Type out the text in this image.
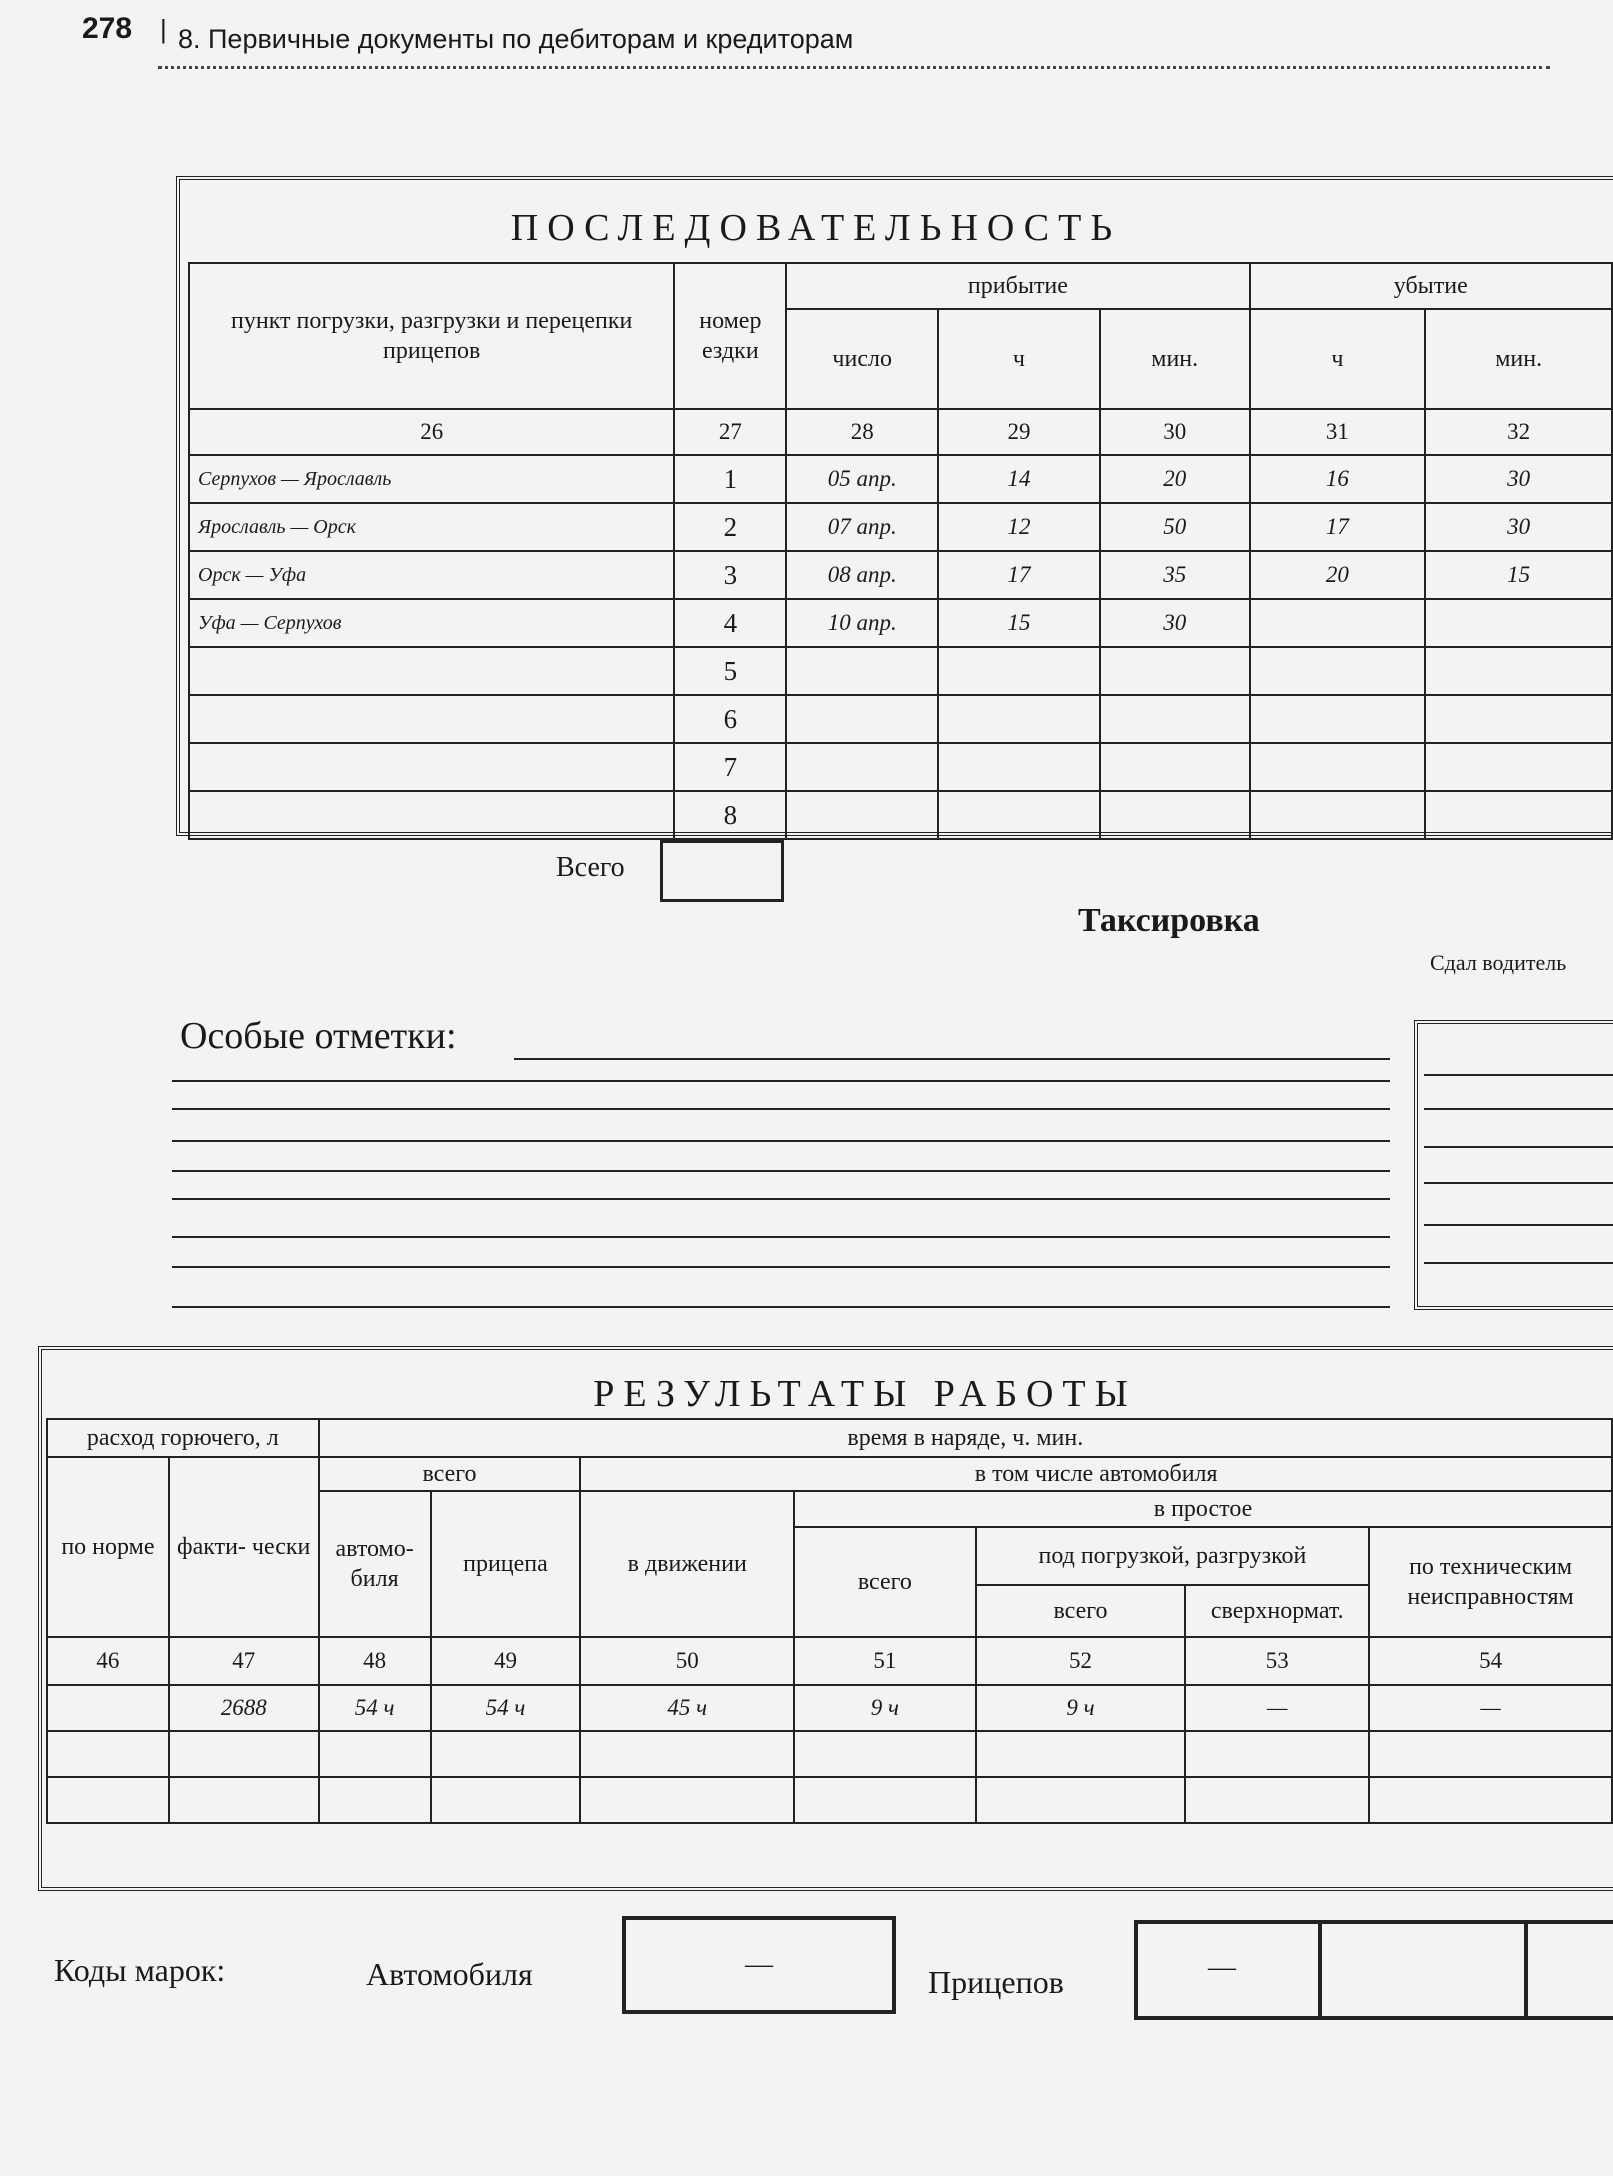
278 | 8. Первичные документы по дебиторам и кредиторам
ПОСЛЕДОВАТЕЛЬНОСТЬ
пункт погрузки, разгрузки и перецепки прицепов	номер ездки	прибытие			убытие	
		число	ч	мин.	ч	мин.
26	27	28	29	30	31	32
Серпухов — Ярославль	1	05 апр.	14	20	16	30
Ярославль — Орск	2	07 апр.	12	50	17	30
Орск — Уфа	3	08 апр.	17	35	20	15
Уфа — Серпухов	4	10 апр.	15	30		
	5					
	6					
	7					
	8					
Всего
Таксировка
Сдал водитель
Особые отметки:
РЕЗУЛЬТАТЫ РАБОТЫ
расход горючего, л		время в наряде, ч. мин.						
по норме	факти- чески	всего		в том числе автомобиля				
		автомо- биля	прицепа	в движении	в простое			
					всего	под погрузкой, разгрузкой		по техническим неисправностям
						всего	сверхнормат.	
46	47	48	49	50	51	52	53	54
	2688	54 ч	54 ч	45 ч	9 ч	9 ч	—	—

Коды марок:	Автомобиля	—	Прицепов	—
